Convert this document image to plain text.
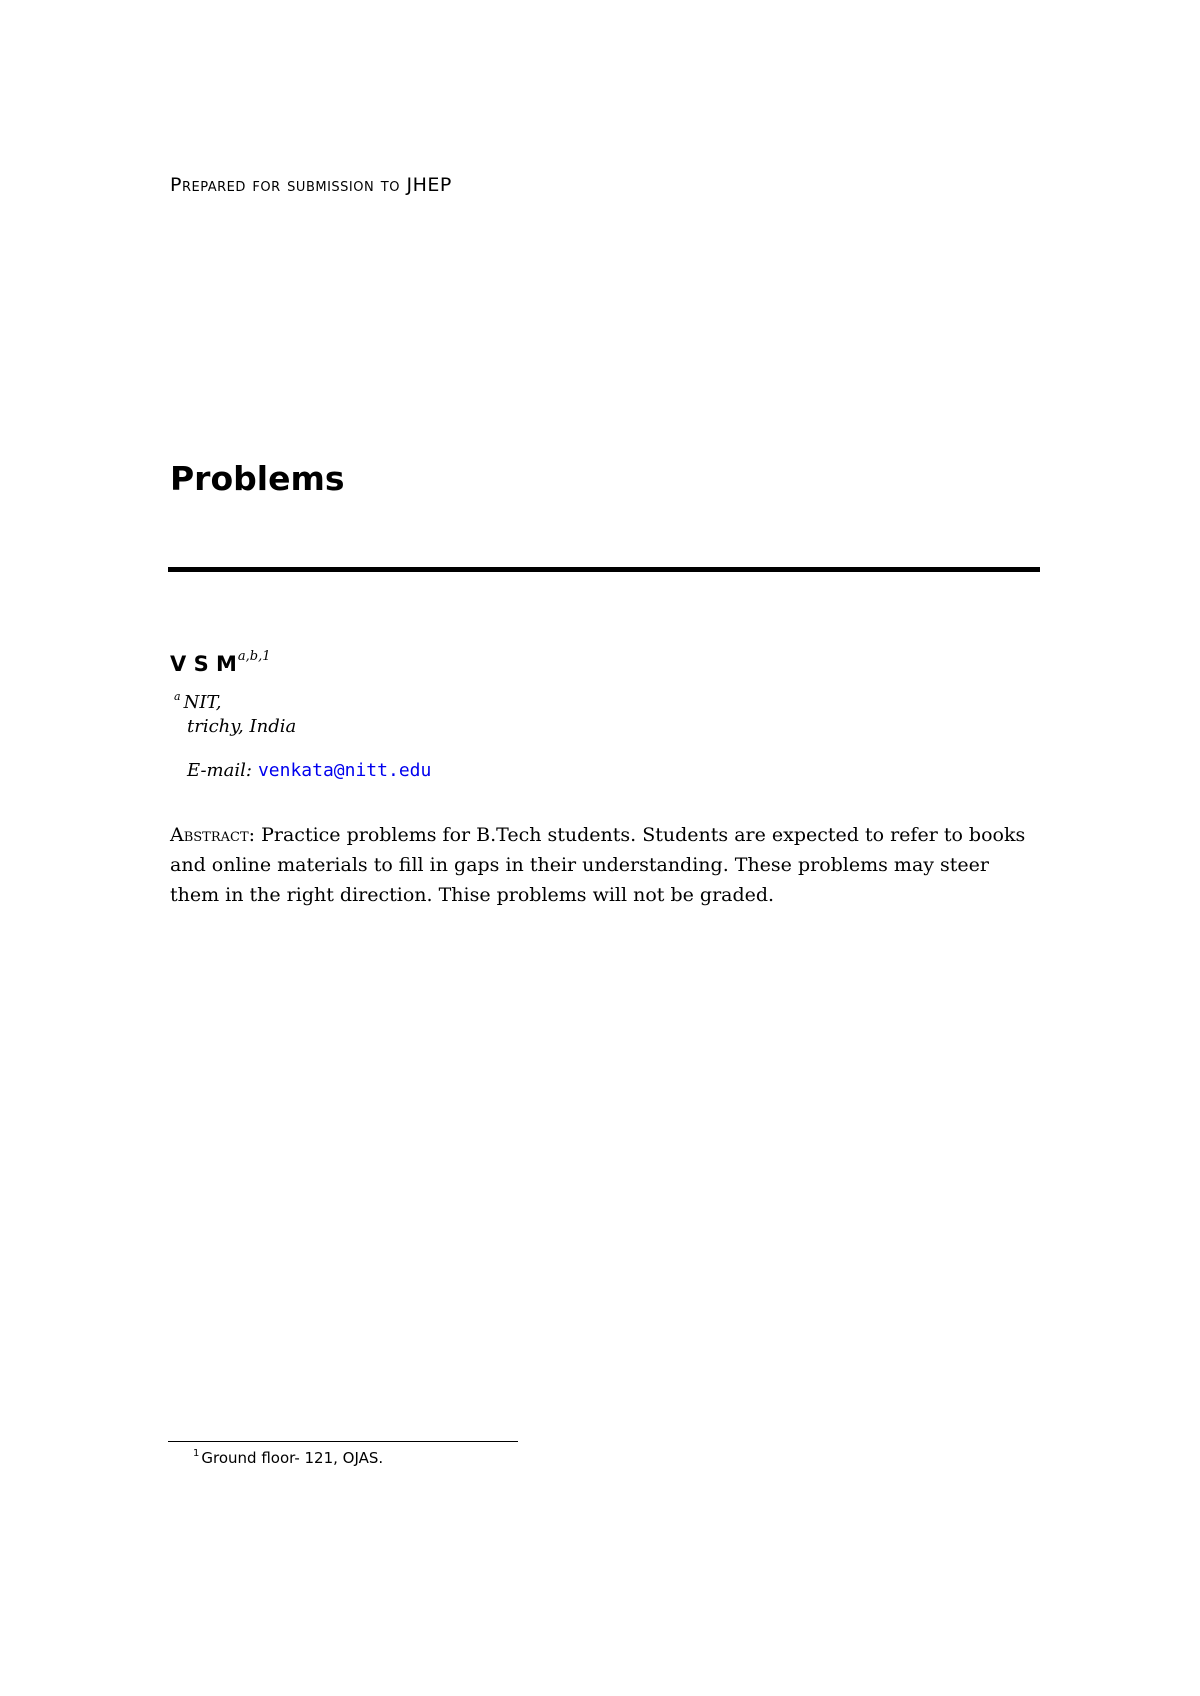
Prepared for submission to JHEP
Problems
V S M$^{a,b,1}$
$^a$ NIT,
trichy, India
E-mail: venkata@nitt.edu

Abstract: Practice problems for B.Tech students. Students are expected to refer to books and online materials to fill in gaps in their understanding. These problems may steer them in the right direction. Thise problems will not be graded.

$^1$ Ground floor- 121, OJAS.
